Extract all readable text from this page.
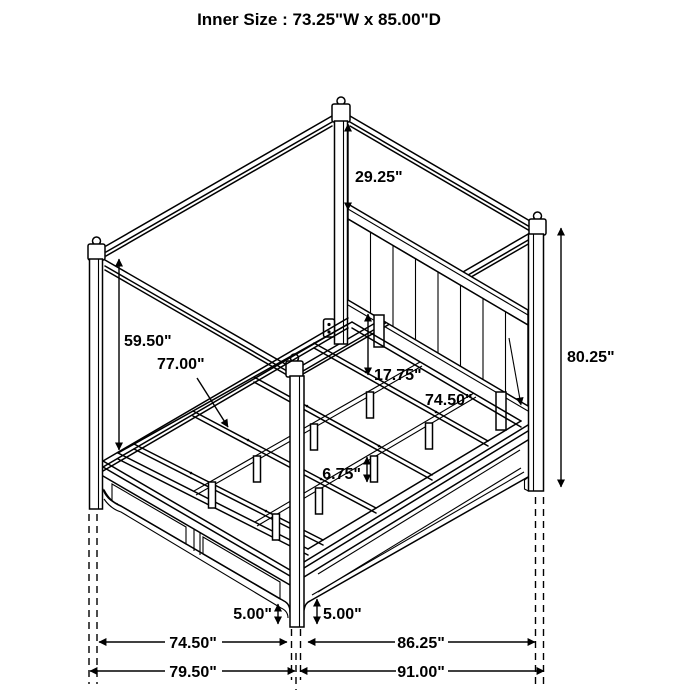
Inner Size : 73.25"W x 85.00"D
29.25"
59.50"
77.00"
17.75"
74.50"
80.25"
6.75"
5.00"	5.00"
74.50"	86.25"
79.50"	91.00"
